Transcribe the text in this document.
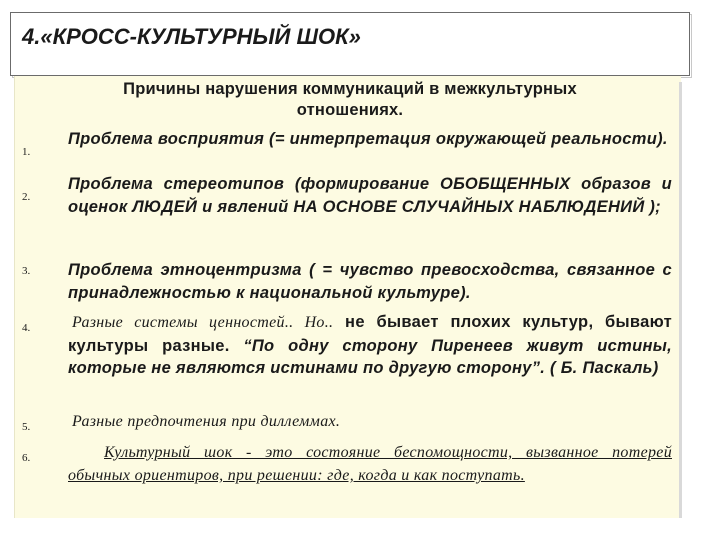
4.«КРОСС-КУЛЬТУРНЫЙ ШОК»
Причины нарушения коммуникаций в межкультурных
отношениях.
1.
Проблема восприятия (= интерпретация окружающей реальности).
2.
Проблема стереотипов (формирование ОБОБЩЕННЫХ образов и оценок ЛЮДЕЙ и явлений НА ОСНОВЕ СЛУЧАЙНЫХ НАБЛЮДЕНИЙ );
3. Проблема этноцентризма ( = чувство превосходства, связанное с принадлежностью к национальной культуре).
4.	Разные системы ценностей.. Но.. не бывает плохих культур, бывают культуры разные. “По одну сторону Пиренеев живут истины, которые не являются истинами по другую сторону”. ( Б. Паскаль)
5.	Разные предпочтения при диллеммах.
6.	Культурный шок - это состояние беспомощности, вызванное потерей обычных ориентиров, при решении: где, когда и как поступать.
